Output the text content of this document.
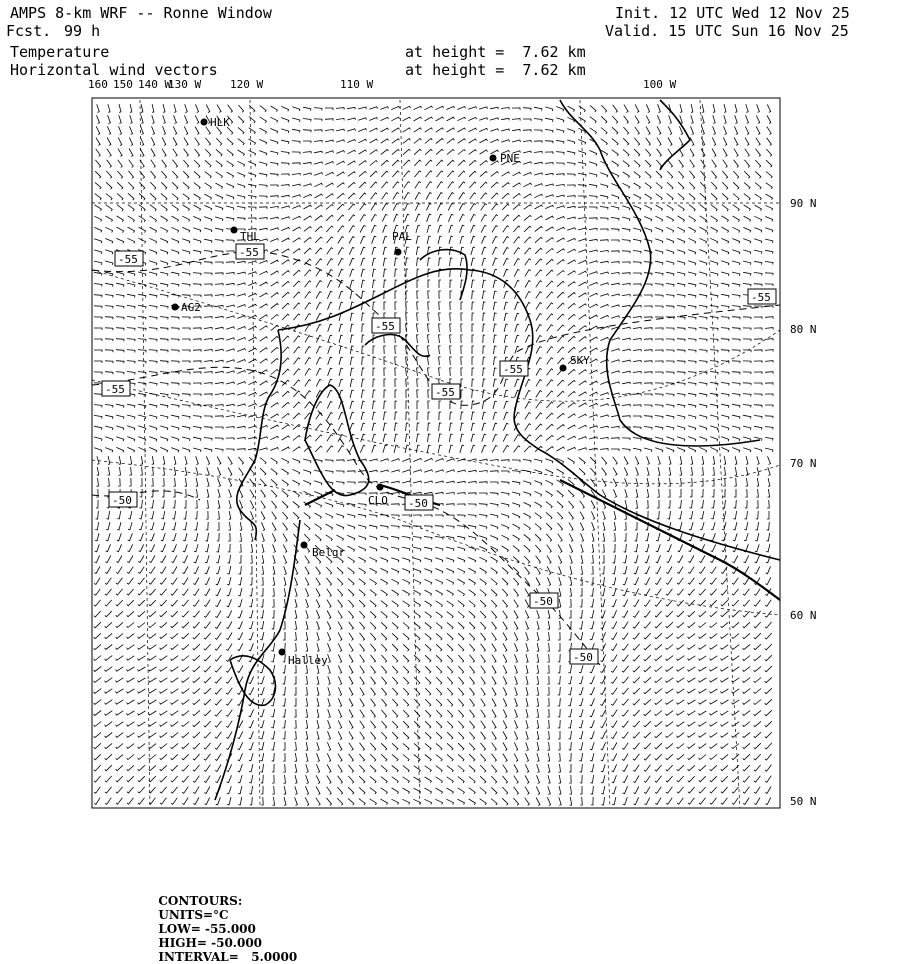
AMPS 8-km WRF -- Ronne Window
Fcst. 99 h
Temperature
Horizontal wind vectors
at height =  7.62 km
at height =  7.62 km
Init. 12 UTC Wed 12 Nov 25
Valid. 15 UTC Sun 16 Nov 25
160 150 140 W
130 W	120 W	110 W	100 W
90 N
80 N
70 N
60 N
50 N
HLK
PNE
THL	PAL
AG2
SKY
CLO
Belgr
Halley
-55
-55
-55
-55
-55
-55
-55
-50	-50
-50
-50

CONTOURS:
UNITS=°C
LOW= -55.000
HIGH= -50.000
INTERVAL=   5.0000
